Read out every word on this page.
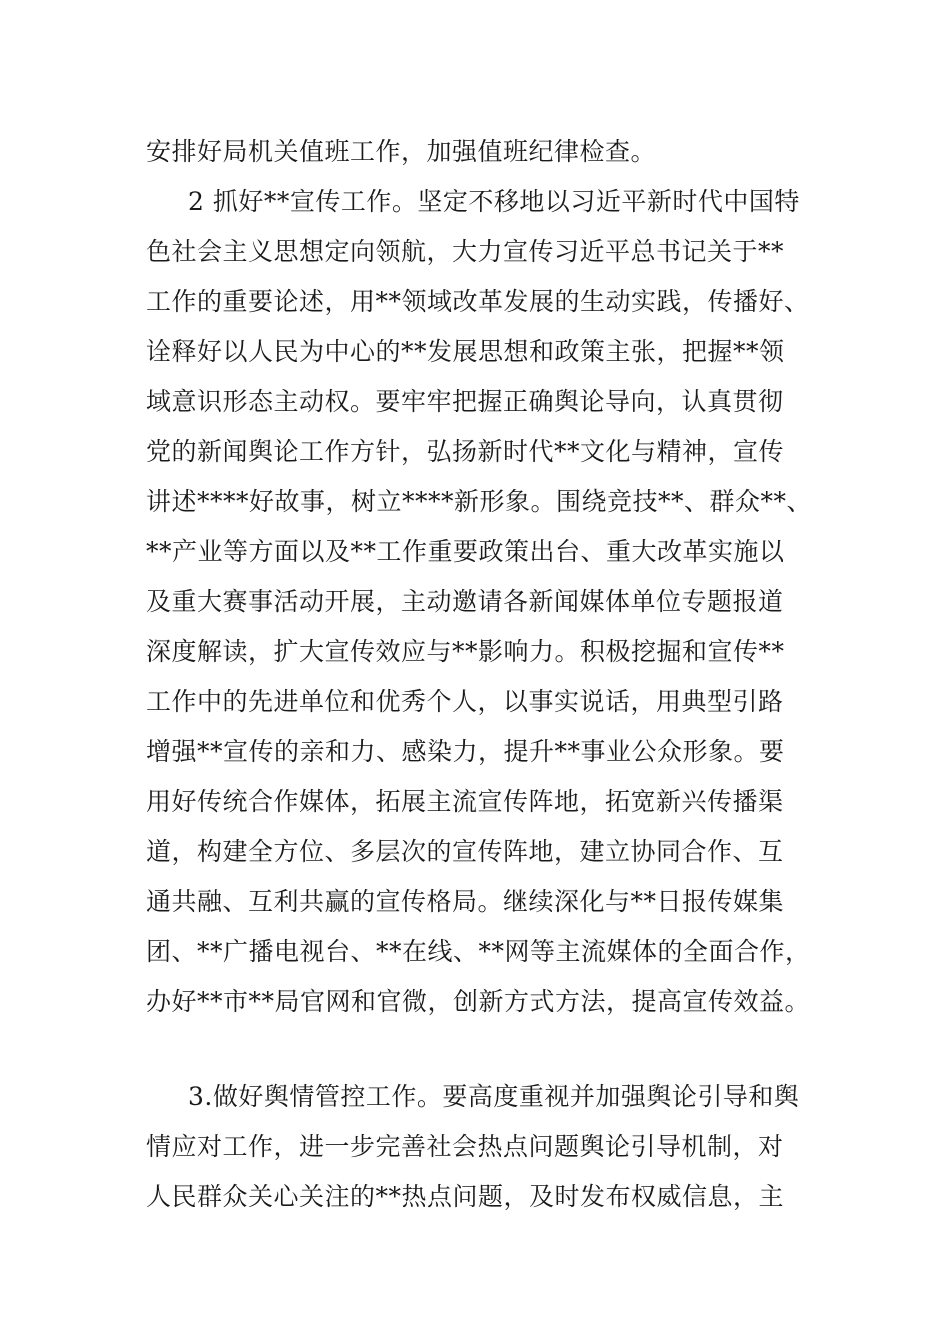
安排好局机关值班工作，加强值班纪律检查。
2 抓好**宣传工作。坚定不移地以习近平新时代中国特
色社会主义思想定向领航，大力宣传习近平总书记关于**
工作的重要论述，用**领域改革发展的生动实践，传播好、
诠释好以人民为中心的**发展思想和政策主张，把握**领
域意识形态主动权。要牢牢把握正确舆论导向，认真贯彻
党的新闻舆论工作方针，弘扬新时代**文化与精神，宣传
讲述****好故事，树立****新形象。围绕竞技**、群众**、
**产业等方面以及**工作重要政策出台、重大改革实施以
及重大赛事活动开展，主动邀请各新闻媒体单位专题报道
深度解读，扩大宣传效应与**影响力。积极挖掘和宣传**
工作中的先进单位和优秀个人，以事实说话，用典型引路
增强**宣传的亲和力、感染力，提升**事业公众形象。要
用好传统合作媒体，拓展主流宣传阵地，拓宽新兴传播渠
道，构建全方位、多层次的宣传阵地，建立协同合作、互
通共融、互利共赢的宣传格局。继续深化与**日报传媒集
团、**广播电视台、**在线、**网等主流媒体的全面合作，
办好**市**局官网和官微，创新方式方法，提高宣传效益。
3.做好舆情管控工作。要高度重视并加强舆论引导和舆
情应对工作，进一步完善社会热点问题舆论引导机制，对
人民群众关心关注的**热点问题，及时发布权威信息，主
